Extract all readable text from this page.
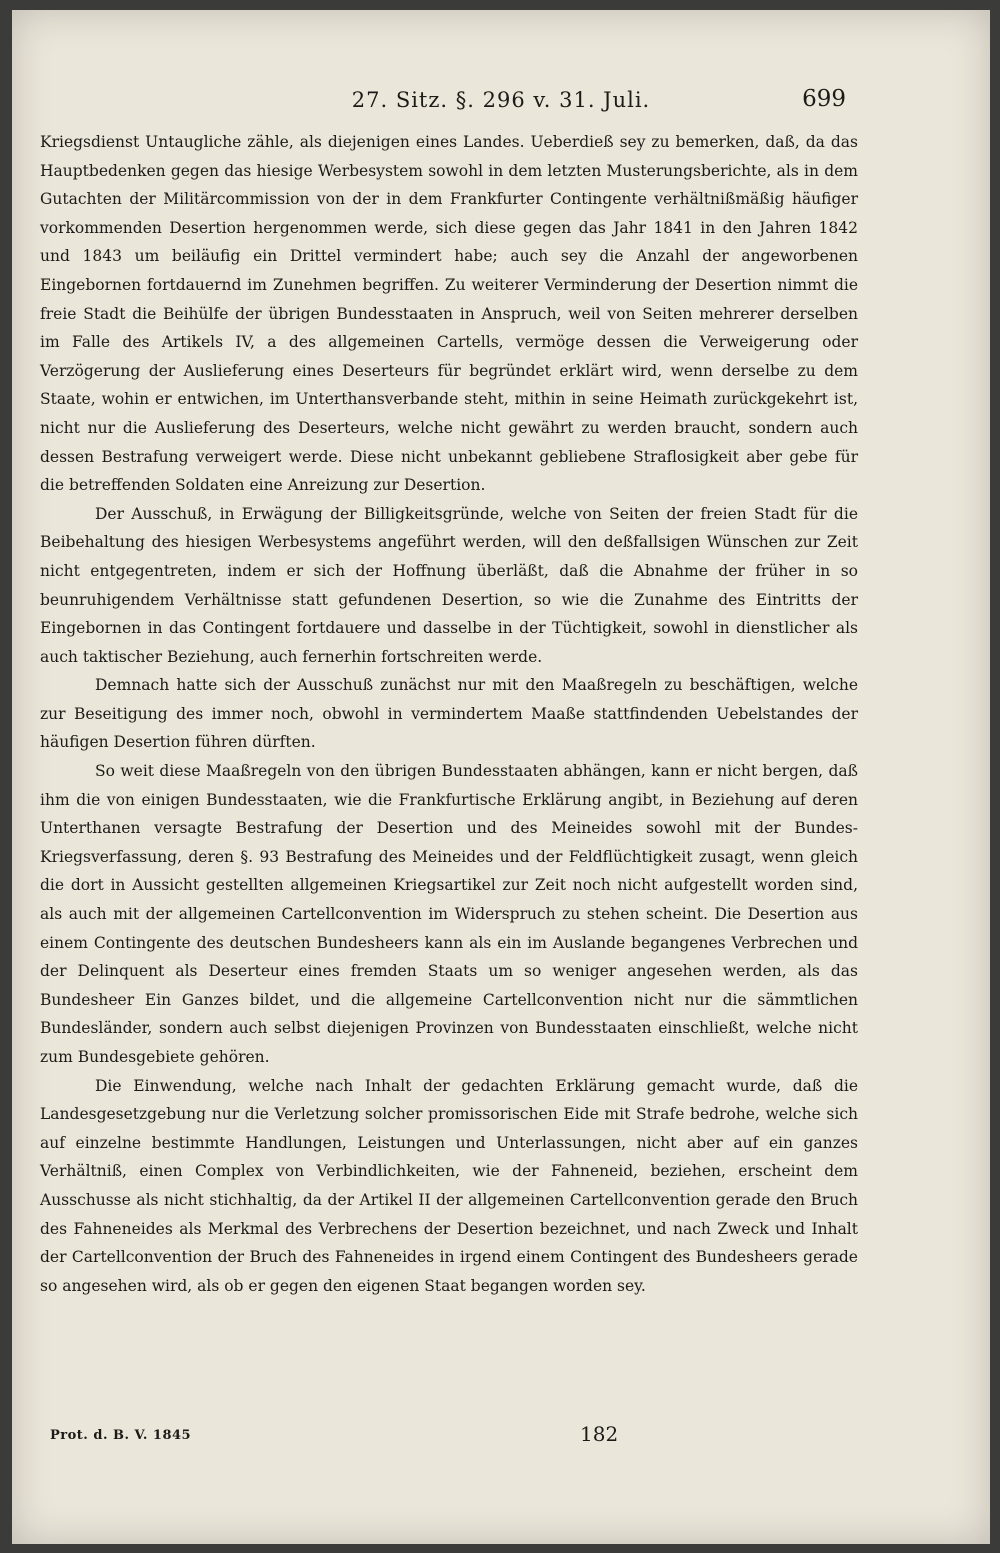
27. Sitz. §. 296 v. 31. Juli.	699

Kriegsdienst Untaugliche zähle, als diejenigen eines Landes. Ueberdieß sey zu bemerken, daß, da das Hauptbedenken gegen das hiesige Werbesystem sowohl in dem letzten Musterungsberichte, als in dem Gutachten der Militärcommission von der in dem Frankfurter Contingente verhältnißmäßig häufiger vorkommenden Desertion hergenommen werde, sich diese gegen das Jahr 1841 in den Jahren 1842 und 1843 um beiläufig ein Drittel vermindert habe; auch sey die Anzahl der angeworbenen Eingebornen fortdauernd im Zunehmen begriffen. Zu weiterer Verminderung der Desertion nimmt die freie Stadt die Beihülfe der übrigen Bundesstaaten in Anspruch, weil von Seiten mehrerer derselben im Falle des Artikels IV, a des allgemeinen Cartells, vermöge dessen die Verweigerung oder Verzögerung der Auslieferung eines Deserteurs für begründet erklärt wird, wenn derselbe zu dem Staate, wohin er entwichen, im Unterthansverbande steht, mithin in seine Heimath zurückgekehrt ist, nicht nur die Auslieferung des Deserteurs, welche nicht gewährt zu werden braucht, sondern auch dessen Bestrafung verweigert werde. Diese nicht unbekannt gebliebene Straflosigkeit aber gebe für die betreffenden Soldaten eine Anreizung zur Desertion.

Der Ausschuß, in Erwägung der Billigkeitsgründe, welche von Seiten der freien Stadt für die Beibehaltung des hiesigen Werbesystems angeführt werden, will den deßfallsigen Wünschen zur Zeit nicht entgegentreten, indem er sich der Hoffnung überläßt, daß die Abnahme der früher in so beunruhigendem Verhältnisse statt gefundenen Desertion, so wie die Zunahme des Eintritts der Eingebornen in das Contingent fortdauere und dasselbe in der Tüchtigkeit, sowohl in dienstlicher als auch taktischer Beziehung, auch fernerhin fortschreiten werde.

Demnach hatte sich der Ausschuß zunächst nur mit den Maaßregeln zu beschäftigen, welche zur Beseitigung des immer noch, obwohl in vermindertem Maaße stattfindenden Uebelstandes der häufigen Desertion führen dürften.

So weit diese Maaßregeln von den übrigen Bundesstaaten abhängen, kann er nicht bergen, daß ihm die von einigen Bundesstaaten, wie die Frankfurtische Erklärung angibt, in Beziehung auf deren Unterthanen versagte Bestrafung der Desertion und des Meineides sowohl mit der Bundes-Kriegsverfassung, deren §. 93 Bestrafung des Meineides und der Feldflüchtigkeit zusagt, wenn gleich die dort in Aussicht gestellten allgemeinen Kriegsartikel zur Zeit noch nicht aufgestellt worden sind, als auch mit der allgemeinen Cartellconvention im Widerspruch zu stehen scheint. Die Desertion aus einem Contingente des deutschen Bundesheers kann als ein im Auslande begangenes Verbrechen und der Delinquent als Deserteur eines fremden Staats um so weniger angesehen werden, als das Bundesheer Ein Ganzes bildet, und die allgemeine Cartellconvention nicht nur die sämmtlichen Bundesländer, sondern auch selbst diejenigen Provinzen von Bundesstaaten einschließt, welche nicht zum Bundesgebiete gehören.

Die Einwendung, welche nach Inhalt der gedachten Erklärung gemacht wurde, daß die Landesgesetzgebung nur die Verletzung solcher promissorischen Eide mit Strafe bedrohe, welche sich auf einzelne bestimmte Handlungen, Leistungen und Unterlassungen, nicht aber auf ein ganzes Verhältniß, einen Complex von Verbindlichkeiten, wie der Fahneneid, beziehen, erscheint dem Ausschusse als nicht stichhaltig, da der Artikel II der allgemeinen Cartellconvention gerade den Bruch des Fahneneides als Merkmal des Verbrechens der Desertion bezeichnet, und nach Zweck und Inhalt der Cartellconvention der Bruch des Fahneneides in irgend einem Contingent des Bundesheers gerade so angesehen wird, als ob er gegen den eigenen Staat begangen worden sey.

Prot. d. B. V. 1845	182
